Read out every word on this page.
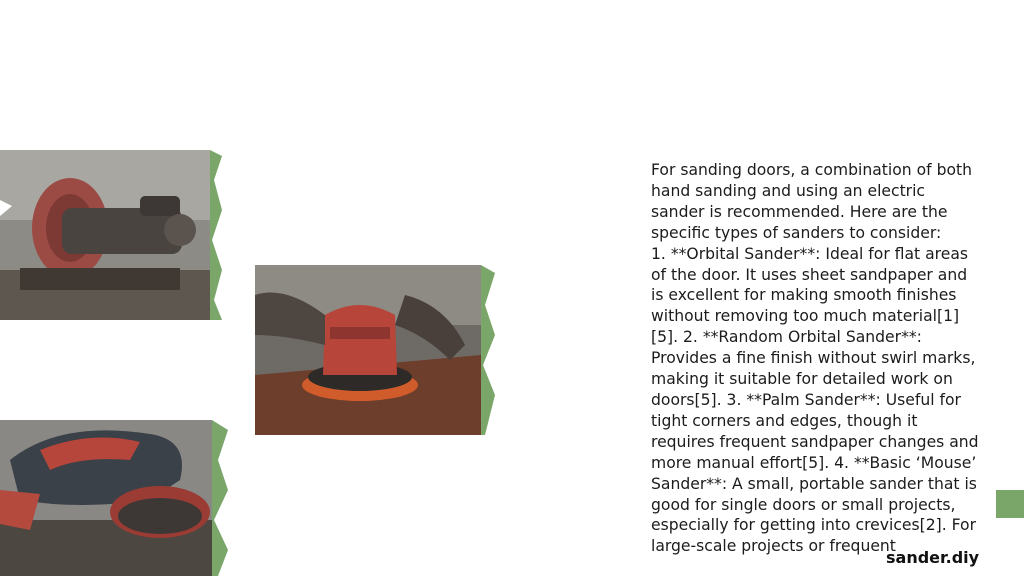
For sanding doors, a combination of both hand sanding and using an electric sander is recommended. Here are the specific types of sanders to consider:
1. **Orbital Sander**: Ideal for flat areas of the door. It uses sheet sandpaper and is excellent for making smooth finishes without removing too much material[1][5]. 2. **Random Orbital Sander**: Provides a fine finish without swirl marks, making it suitable for detailed work on doors[5]. 3. **Palm Sander**: Useful for tight corners and edges, though it requires frequent sandpaper changes and more manual effort[5]. 4. **Basic ‘Mouse’ Sander**: A small, portable sander that is good for single doors or small projects, especially for getting into crevices[2]. For large-scale projects or frequent
sander.diy
